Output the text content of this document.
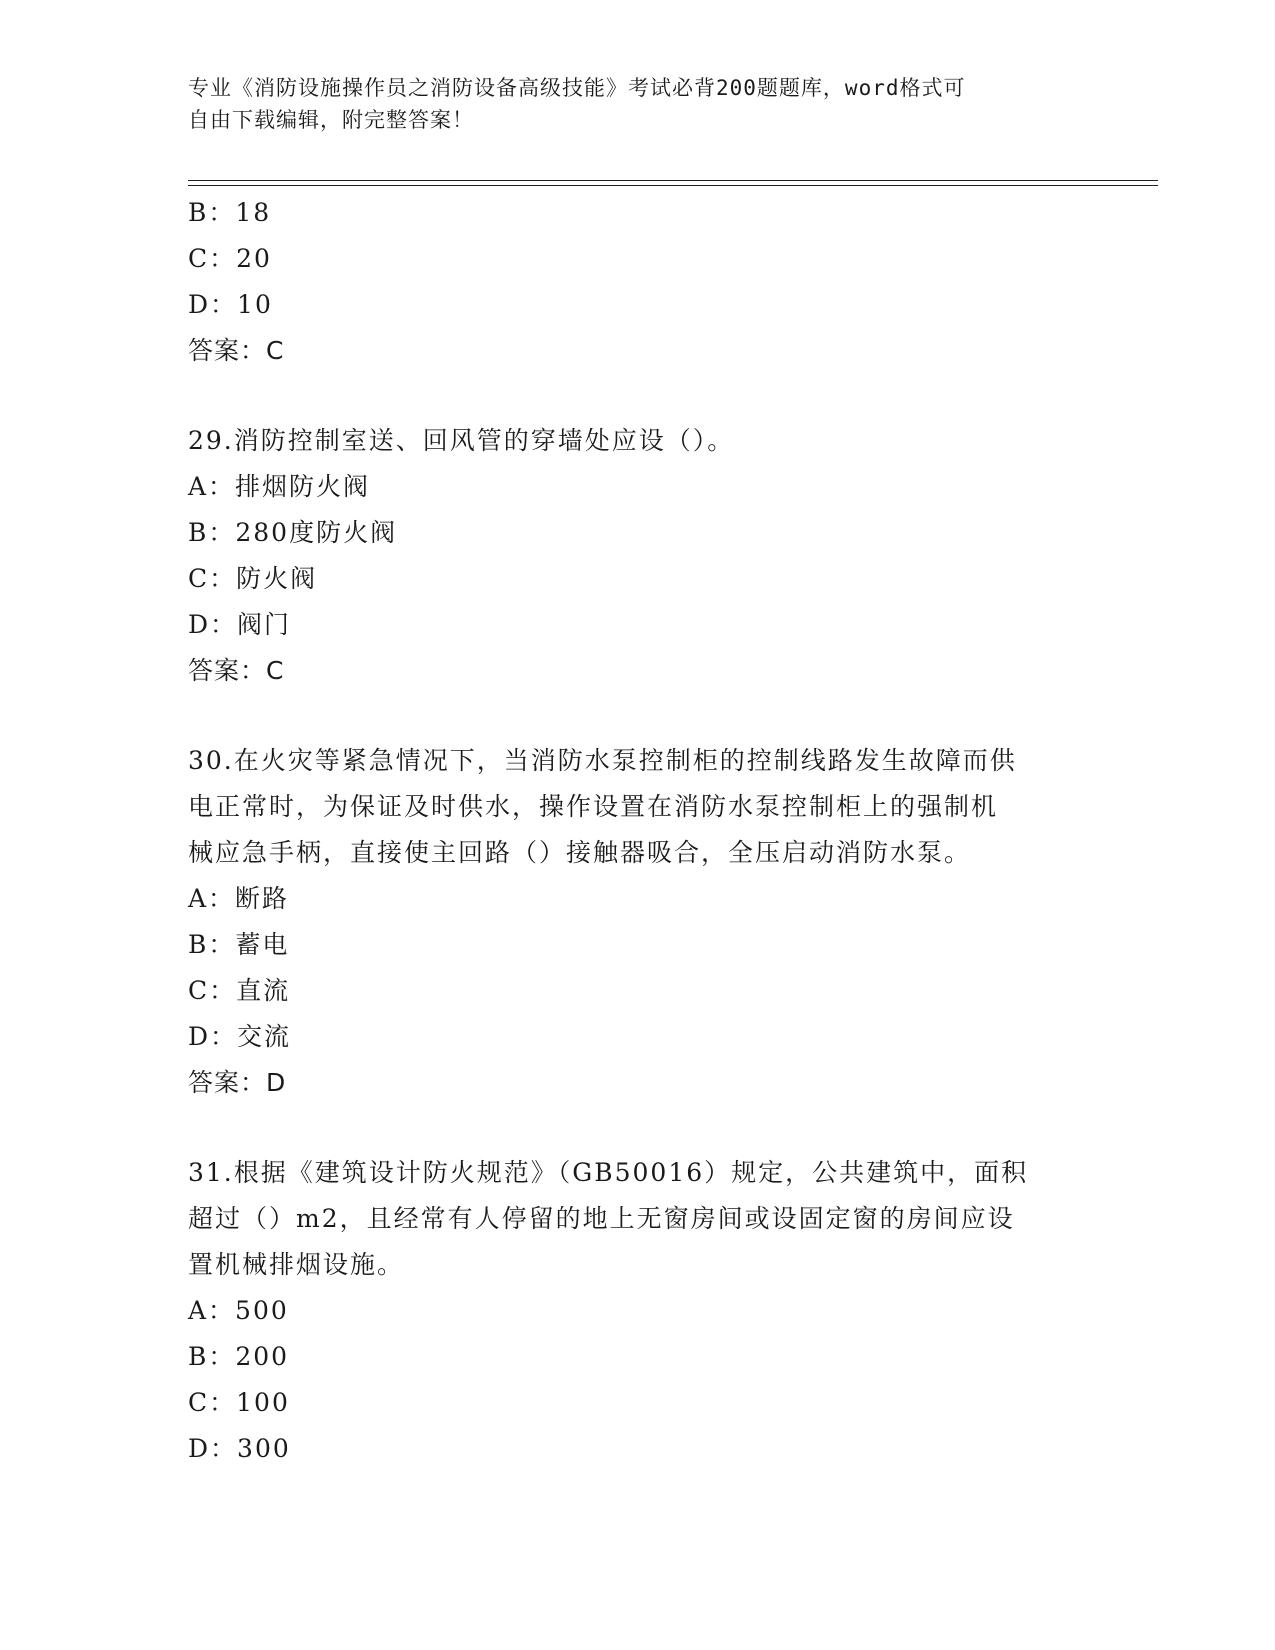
专业《消防设施操作员之消防设备高级技能》考试必背200题题库，word格式可
自由下载编辑，附完整答案！
B：18
C：20
D：10
答案：C
29.消防控制室送、回风管的穿墙处应设（）。
A：排烟防火阀
B：280度防火阀
C：防火阀
D：阀门
答案：C
30.在火灾等紧急情况下，当消防水泵控制柜的控制线路发生故障而供
电正常时，为保证及时供水，操作设置在消防水泵控制柜上的强制机
械应急手柄，直接使主回路（）接触器吸合，全压启动消防水泵。
A：断路
B：蓄电
C：直流
D：交流
答案：D
31.根据《建筑设计防火规范》（GB50016）规定，公共建筑中，面积
超过（）m2，且经常有人停留的地上无窗房间或设固定窗的房间应设
置机械排烟设施。
A：500
B：200
C：100
D：300
